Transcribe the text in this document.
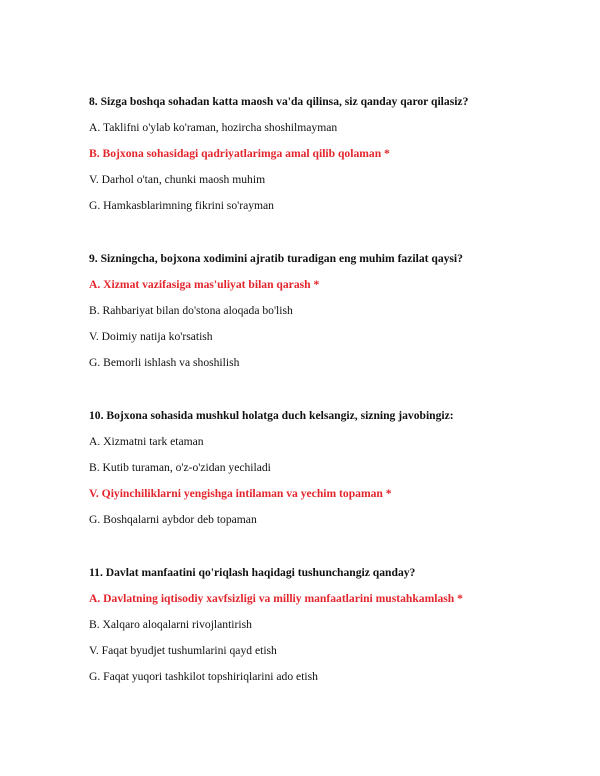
8. Sizga boshqa sohadan katta maosh va'da qilinsa, siz qanday qaror qilasiz?

A. Taklifni o'ylab ko'raman, hozircha shoshilmayman

B. Bojxona sohasidagi qadriyatlarimga amal qilib qolaman *

V. Darhol o'tan, chunki maosh muhim

G. Hamkasblarimning fikrini so'rayman

9. Sizningcha, bojxona xodimini ajratib turadigan eng muhim fazilat qaysi?

A. Xizmat vazifasiga mas'uliyat bilan qarash *

B. Rahbariyat bilan do'stona aloqada bo'lish

V. Doimiy natija ko'rsatish

G. Bemorli ishlash va shoshilish

10. Bojxona sohasida mushkul holatga duch kelsangiz, sizning javobingiz:

A. Xizmatni tark etaman

B. Kutib turaman, o'z-o'zidan yechiladi

V. Qiyinchiliklarni yengishga intilaman va yechim topaman *

G. Boshqalarni aybdor deb topaman

11. Davlat manfaatini qo'riqlash haqidagi tushunchangiz qanday?

A. Davlatning iqtisodiy xavfsizligi va milliy manfaatlarini mustahkamlash *

B. Xalqaro aloqalarni rivojlantirish

V. Faqat byudjet tushumlarini qayd etish

G. Faqat yuqori tashkilot topshiriqlarini ado etish
